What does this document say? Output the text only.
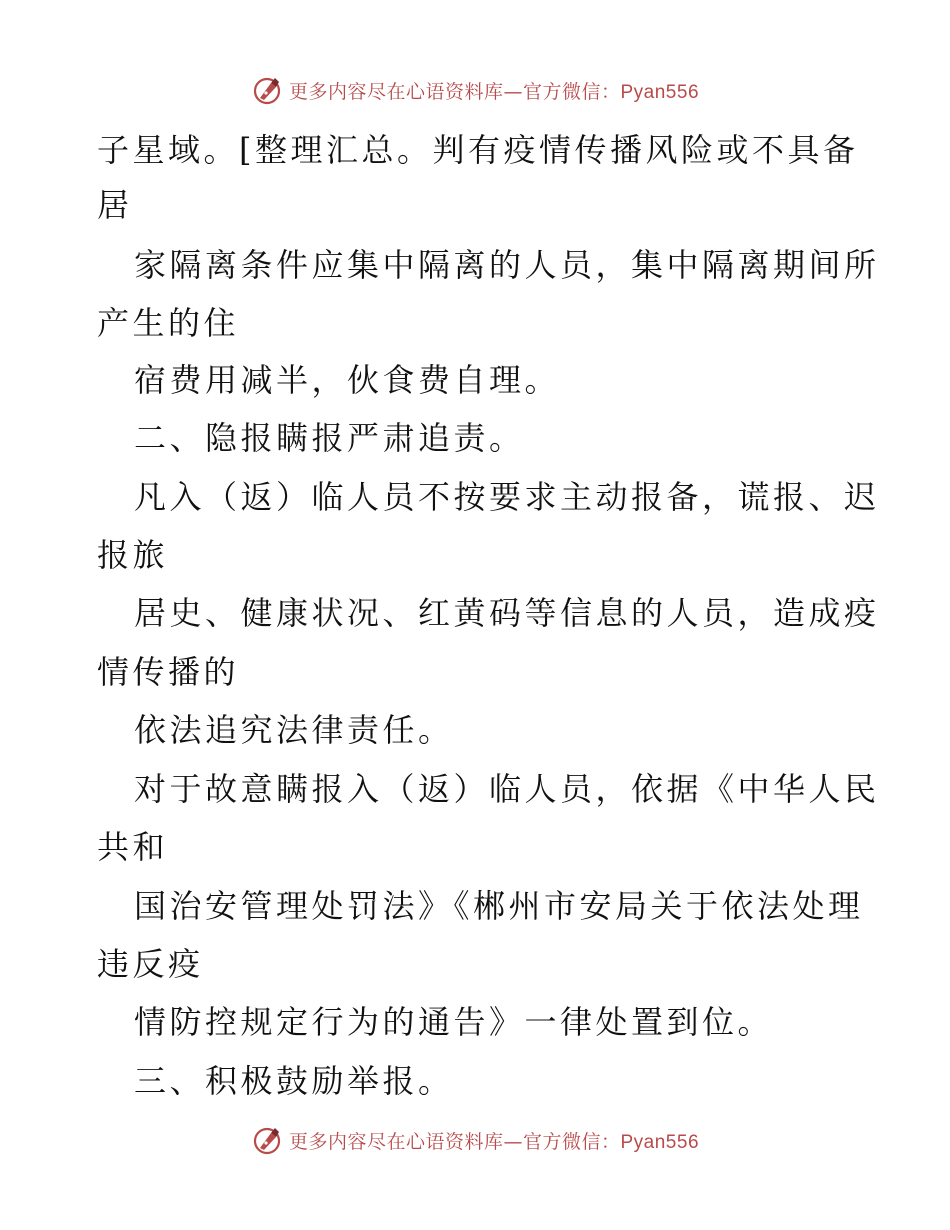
更多内容尽在心语资料库—官方微信：Pyan556
子星域。[整理汇总。判有疫情传播风险或不具备
居
家隔离条件应集中隔离的人员，集中隔离期间所
产生的住
宿费用减半，伙食费自理。
二、隐报瞒报严肃追责。
凡入（返）临人员不按要求主动报备，谎报、迟
报旅
居史、健康状况、红黄码等信息的人员，造成疫
情传播的
依法追究法律责任。
对于故意瞒报入（返）临人员，依据《中华人民
共和
国治安管理处罚法》《郴州市安局关于依法处理
违反疫
情防控规定行为的通告》一律处置到位。
三、积极鼓励举报。
更多内容尽在心语资料库—官方微信：Pyan556
